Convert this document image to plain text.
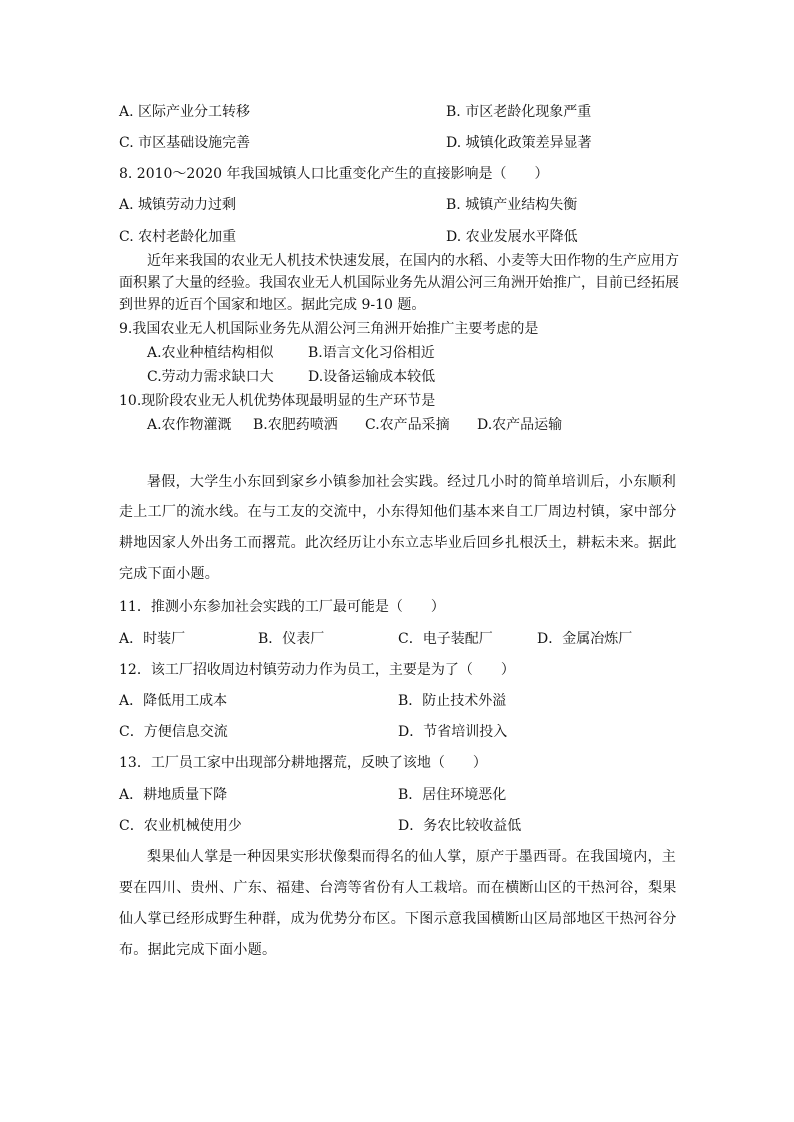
A. 区际产业分工转移	B. 市区老龄化现象严重
C. 市区基础设施完善	D. 城镇化政策差异显著
8. 2010～2020 年我国城镇人口比重变化产生的直接影响是（　　）
A. 城镇劳动力过剩	B. 城镇产业结构失衡
C. 农村老龄化加重	D. 农业发展水平降低
近年来我国的农业无人机技术快速发展，在国内的水稻、小麦等大田作物的生产应用方
面积累了大量的经验。我国农业无人机国际业务先从湄公河三角洲开始推广，目前已经拓展
到世界的近百个国家和地区。据此完成 9-10 题。
9.我国农业无人机国际业务先从湄公河三角洲开始推广主要考虑的是
A.农业种植结构相似 B.语言文化习俗相近
C.劳动力需求缺口大 D.设备运输成本较低
10.现阶段农业无人机优势体现最明显的生产环节是
A.农作物灌溉 B.农肥药喷洒 C.农产品采摘 D.农产品运输
暑假，大学生小东回到家乡小镇参加社会实践。经过几小时的简单培训后，小东顺利
走上工厂的流水线。在与工友的交流中，小东得知他们基本来自工厂周边村镇，家中部分
耕地因家人外出务工而撂荒。此次经历让小东立志毕业后回乡扎根沃土，耕耘未来。据此
完成下面小题。
11．推测小东参加社会实践的工厂最可能是（　　）
A．时装厂	B．仪表厂	C．电子装配厂	D．金属冶炼厂
12．该工厂招收周边村镇劳动力作为员工，主要是为了（　　）
A．降低用工成本	B．防止技术外溢
C．方便信息交流	D．节省培训投入
13．工厂员工家中出现部分耕地撂荒，反映了该地（　　）
A．耕地质量下降	B．居住环境恶化
C．农业机械使用少	D．务农比较收益低
梨果仙人掌是一种因果实形状像梨而得名的仙人掌，原产于墨西哥。在我国境内，主
要在四川、贵州、广东、福建、台湾等省份有人工栽培。而在横断山区的干热河谷，梨果
仙人掌已经形成野生种群，成为优势分布区。下图示意我国横断山区局部地区干热河谷分
布。据此完成下面小题。
